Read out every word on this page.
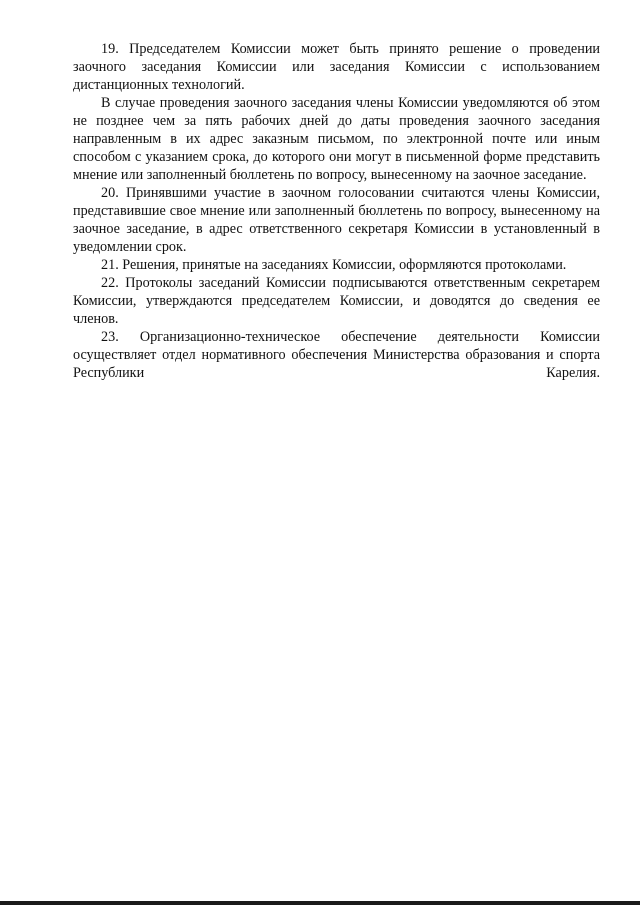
19. Председателем Комиссии может быть принято решение о проведении заочного заседания Комиссии или заседания Комиссии с использованием дистанционных технологий.

В случае проведения заочного заседания члены Комиссии уведомляются об этом не позднее чем за пять рабочих дней до даты проведения заочного заседания направленным в их адрес заказным письмом, по электронной почте или иным способом с указанием срока, до которого они могут в письменной форме представить мнение или заполненный бюллетень по вопросу, вынесенному на заочное заседание.

20. Принявшими участие в заочном голосовании считаются члены Комиссии, представившие свое мнение или заполненный бюллетень по вопросу, вынесенному на заочное заседание, в адрес ответственного секретаря Комиссии в установленный в уведомлении срок.

21. Решения, принятые на заседаниях Комиссии, оформляются протоколами.

22. Протоколы заседаний Комиссии подписываются ответственным секретарем Комиссии, утверждаются председателем Комиссии, и доводятся до сведения ее членов.

23. Организационно-техническое обеспечение деятельности Комиссии осуществляет отдел нормативного обеспечения Министерства образования и спорта Республики Карелия.
